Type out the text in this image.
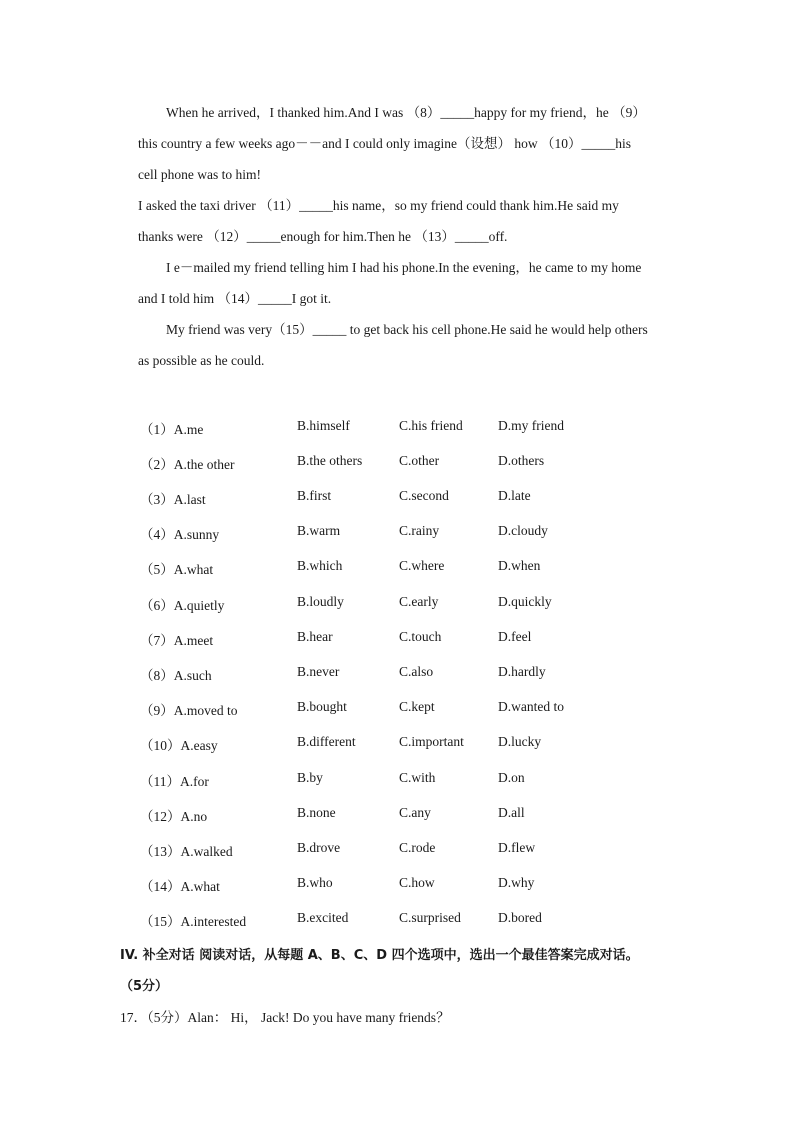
When he arrived，I thanked him.And I was （8）_____happy for my friend，he （9）
this country a few weeks ago－－and I could only imagine（设想） how （10）_____his
cell phone was to him!
I asked the taxi driver （11）_____his name，so my friend could thank him.He said my
thanks were （12）_____enough for him.Then he （13）_____off.
I e－mailed my friend telling him I had his phone.In the evening，he came to my home
and I told him （14）_____I got it.
My friend was very（15）_____ to get back his cell phone.He said he would help others
as possible as he could.
（1）A.me	B.himself	C.his friend	D.my friend
（2）A.the other	B.the others	C.other	D.others
（3）A.last	B.first	C.second	D.late
（4）A.sunny	B.warm	C.rainy	D.cloudy
（5）A.what	B.which	C.where	D.when
（6）A.quietly	B.loudly	C.early	D.quickly
（7）A.meet	B.hear	C.touch	D.feel
（8）A.such	B.never	C.also	D.hardly
（9）A.moved to	B.bought	C.kept	D.wanted to
（10）A.easy	B.different	C.important	D.lucky
（11）A.for	B.by	C.with	D.on
（12）A.no	B.none	C.any	D.all
（13）A.walked	B.drove	C.rode	D.flew
（14）A.what	B.who	C.how	D.why
（15）A.interested	B.excited	C.surprised	D.bored
IV. 补全对话 阅读对话，从每题 A、B、C、D 四个选项中，选出一个最佳答案完成对话。
（5分）
17．（5分）Alan： Hi， Jack! Do you have many friends？
